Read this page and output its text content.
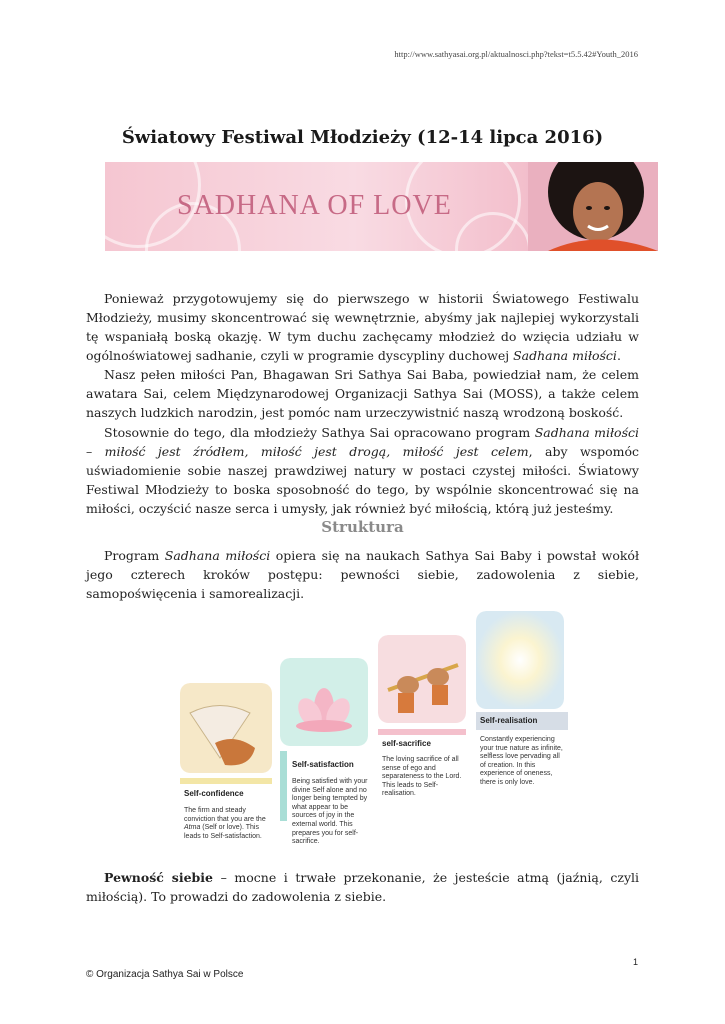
http://www.sathyasai.org.pl/aktualnosci.php?tekst=t5.5.42#Youth_2016
Światowy Festiwal Młodzieży (12-14 lipca 2016)
SADHANA OF LOVE

Ponieważ przygotowujemy się do pierwszego w historii Światowego Festiwalu Młodzieży, musimy skoncentrować się wewnętrznie, abyśmy jak najlepiej wykorzystali tę wspaniałą boską okazję. W tym duchu zachęcamy młodzież do wzięcia udziału w ogólnoświatowej sadhanie, czyli w programie dyscypliny duchowej Sadhana miłości.

Nasz pełen miłości Pan, Bhagawan Sri Sathya Sai Baba, powiedział nam, że celem awatara Sai, celem Międzynarodowej Organizacji Sathya Sai (MOSS), a także celem naszych ludzkich narodzin, jest pomóc nam urzeczywistnić naszą wrodzoną boskość.

Stosownie do tego, dla młodzieży Sathya Sai opracowano program Sadhana miłości – miłość jest źródłem, miłość jest drogą, miłość jest celem, aby wspomóc uświadomienie sobie naszej prawdziwej natury w postaci czystej miłości. Światowy Festiwal Młodzieży to boska sposobność do tego, by wspólnie skoncentrować się na miłości, oczyścić nasze serca i umysły, jak również być miłością, którą już jesteśmy.

Struktura

Program Sadhana miłości opiera się na naukach Sathya Sai Baby i powstał wokół jego czterech kroków postępu: pewności siebie, zadowolenia z siebie, samopoświęcenia i samorealizacji.

Self-confidence
The firm and steady conviction that you are the Atma (Self or love). This leads to Self-satisfaction.
Self-satisfaction
Being satisfied with your divine Self alone and no longer being tempted by what appear to be sources of joy in the external world. This prepares you for self-sacrifice.
self-sacrifice
The loving sacrifice of all sense of ego and separateness to the Lord. This leads to Self-realisation.
Self-realisation
Constantly experiencing your true nature as infinite, selfless love pervading all of creation. In this experience of oneness, there is only love.

Pewność siebie – mocne i trwałe przekonanie, że jesteście atmą (jaźnią, czyli miłością). To prowadzi do zadowolenia z siebie.

1
© Organizacja Sathya Sai w Polsce
